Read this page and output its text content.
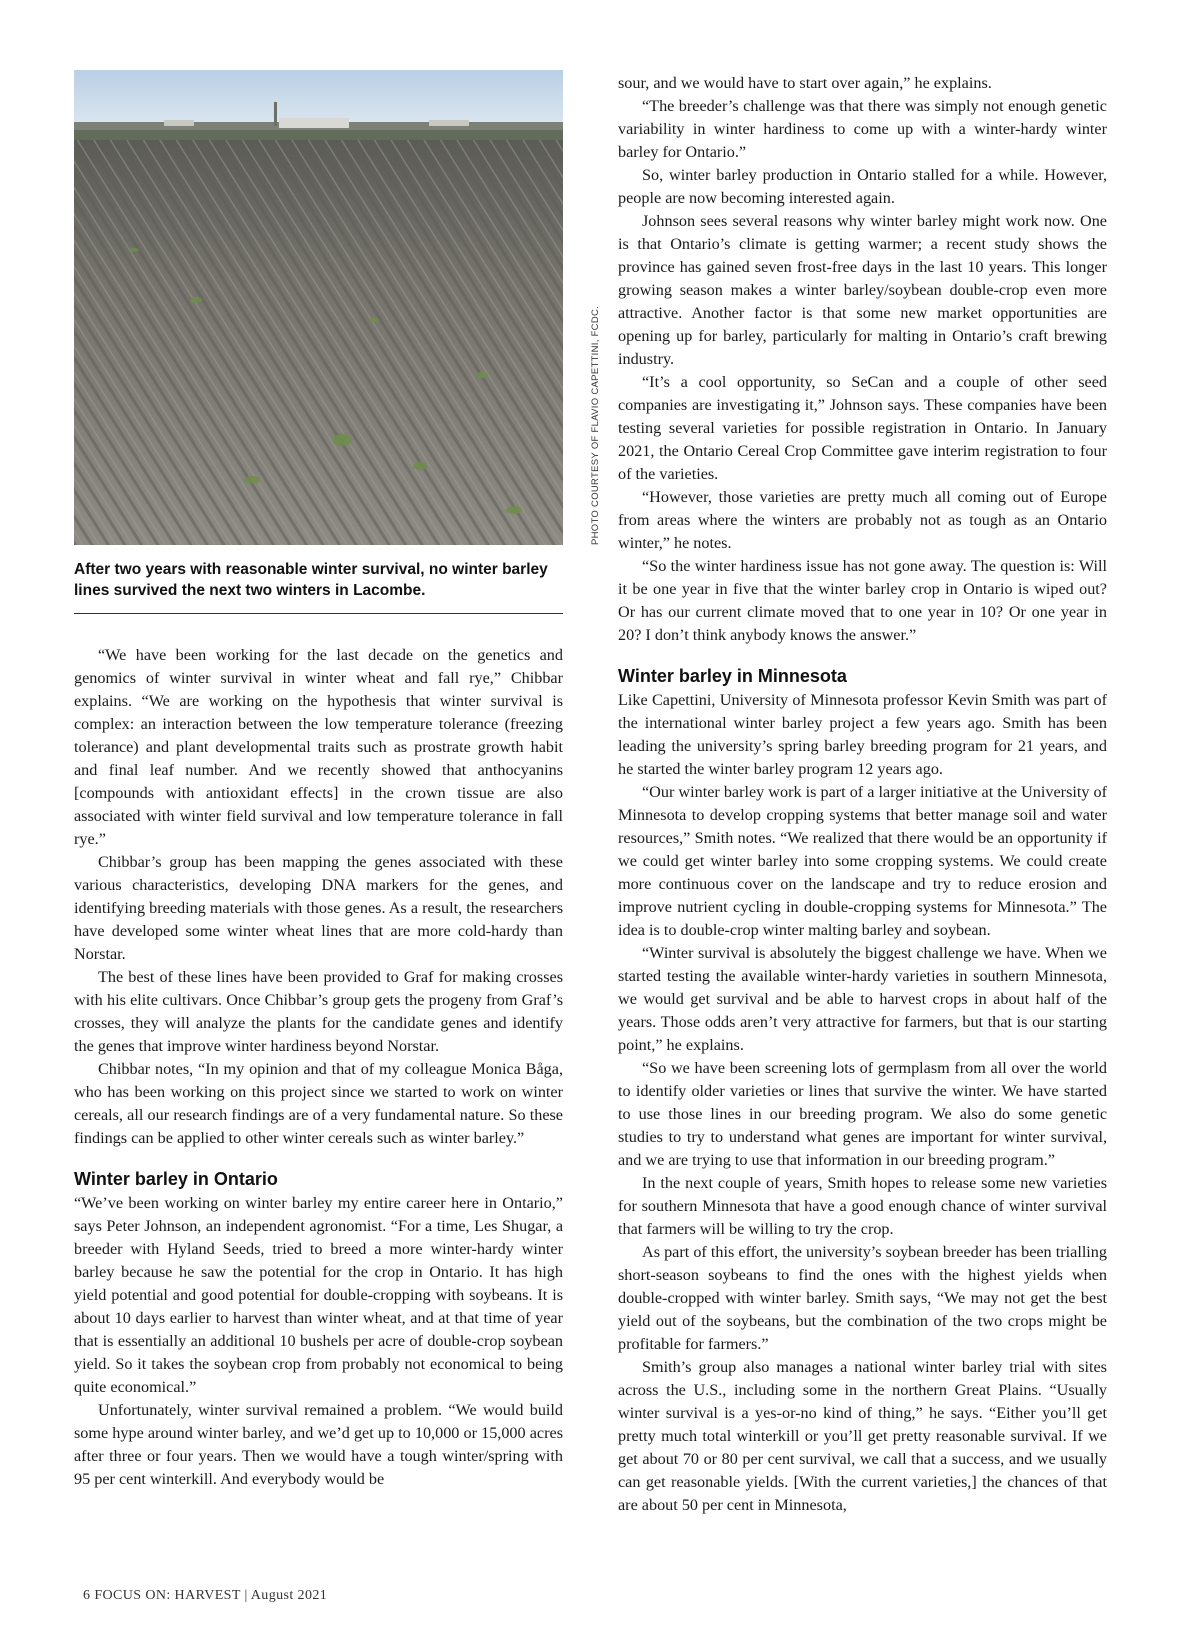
After two years with reasonable winter survival, no winter barley lines survived the next two winters in Lacombe.

“We have been working for the last decade on the genetics and genomics of winter survival in winter wheat and fall rye,” Chibbar explains. “We are working on the hypothesis that winter survival is complex: an interaction between the low temperature tolerance (freezing tolerance) and plant developmental traits such as prostrate growth habit and final leaf number. And we recently showed that anthocyanins [compounds with antioxidant effects] in the crown tissue are also associated with winter field survival and low temperature tolerance in fall rye.”

Chibbar’s group has been mapping the genes associated with these various characteristics, developing DNA markers for the genes, and identifying breeding materials with those genes. As a result, the researchers have developed some winter wheat lines that are more cold-hardy than Norstar.

The best of these lines have been provided to Graf for making crosses with his elite cultivars. Once Chibbar’s group gets the progeny from Graf’s crosses, they will analyze the plants for the candidate genes and identify the genes that improve winter hardiness beyond Norstar.

Chibbar notes, “In my opinion and that of my colleague Monica Båga, who has been working on this project since we started to work on winter cereals, all our research findings are of a very fundamental nature. So these findings can be applied to other winter cereals such as winter barley.”

Winter barley in Ontario

“We’ve been working on winter barley my entire career here in Ontario,” says Peter Johnson, an independent agronomist. “For a time, Les Shugar, a breeder with Hyland Seeds, tried to breed a more winter-hardy winter barley because he saw the potential for the crop in Ontario. It has high yield potential and good potential for double-cropping with soybeans. It is about 10 days earlier to harvest than winter wheat, and at that time of year that is essentially an additional 10 bushels per acre of double-crop soybean yield. So it takes the soybean crop from probably not economical to being quite economical.”

Unfortunately, winter survival remained a problem. “We would build some hype around winter barley, and we’d get up to 10,000 or 15,000 acres after three or four years. Then we would have a tough winter/spring with 95 per cent winterkill. And everybody would be

PHOTO COURTESY OF FLAVIO CAPETTINI, FCDC.

sour, and we would have to start over again,” he explains.

“The breeder’s challenge was that there was simply not enough genetic variability in winter hardiness to come up with a winter-hardy winter barley for Ontario.”

So, winter barley production in Ontario stalled for a while. However, people are now becoming interested again.

Johnson sees several reasons why winter barley might work now. One is that Ontario’s climate is getting warmer; a recent study shows the province has gained seven frost-free days in the last 10 years. This longer growing season makes a winter barley/soybean double-crop even more attractive. Another factor is that some new market opportunities are opening up for barley, particularly for malting in Ontario’s craft brewing industry.

“It’s a cool opportunity, so SeCan and a couple of other seed companies are investigating it,” Johnson says. These companies have been testing several varieties for possible registration in Ontario. In January 2021, the Ontario Cereal Crop Committee gave interim registration to four of the varieties.

“However, those varieties are pretty much all coming out of Europe from areas where the winters are probably not as tough as an Ontario winter,” he notes.

“So the winter hardiness issue has not gone away. The question is: Will it be one year in five that the winter barley crop in Ontario is wiped out? Or has our current climate moved that to one year in 10? Or one year in 20? I don’t think anybody knows the answer.”

Winter barley in Minnesota

Like Capettini, University of Minnesota professor Kevin Smith was part of the international winter barley project a few years ago. Smith has been leading the university’s spring barley breeding program for 21 years, and he started the winter barley program 12 years ago.

“Our winter barley work is part of a larger initiative at the University of Minnesota to develop cropping systems that better manage soil and water resources,” Smith notes. “We realized that there would be an opportunity if we could get winter barley into some cropping systems. We could create more continuous cover on the landscape and try to reduce erosion and improve nutrient cycling in double-cropping systems for Minnesota.” The idea is to double-crop winter malting barley and soybean.

“Winter survival is absolutely the biggest challenge we have. When we started testing the available winter-hardy varieties in southern Minnesota, we would get survival and be able to harvest crops in about half of the years. Those odds aren’t very attractive for farmers, but that is our starting point,” he explains.

“So we have been screening lots of germplasm from all over the world to identify older varieties or lines that survive the winter. We have started to use those lines in our breeding program. We also do some genetic studies to try to understand what genes are important for winter survival, and we are trying to use that information in our breeding program.”

In the next couple of years, Smith hopes to release some new varieties for southern Minnesota that have a good enough chance of winter survival that farmers will be willing to try the crop.

As part of this effort, the university’s soybean breeder has been trialling short-season soybeans to find the ones with the highest yields when double-cropped with winter barley. Smith says, “We may not get the best yield out of the soybeans, but the combination of the two crops might be profitable for farmers.”

Smith’s group also manages a national winter barley trial with sites across the U.S., including some in the northern Great Plains. “Usually winter survival is a yes-or-no kind of thing,” he says. “Either you’ll get pretty much total winterkill or you’ll get pretty reasonable survival. If we get about 70 or 80 per cent survival, we call that a success, and we usually can get reasonable yields. [With the current varieties,] the chances of that are about 50 per cent in Minnesota,

6 FOCUS ON: HARVEST | August 2021
